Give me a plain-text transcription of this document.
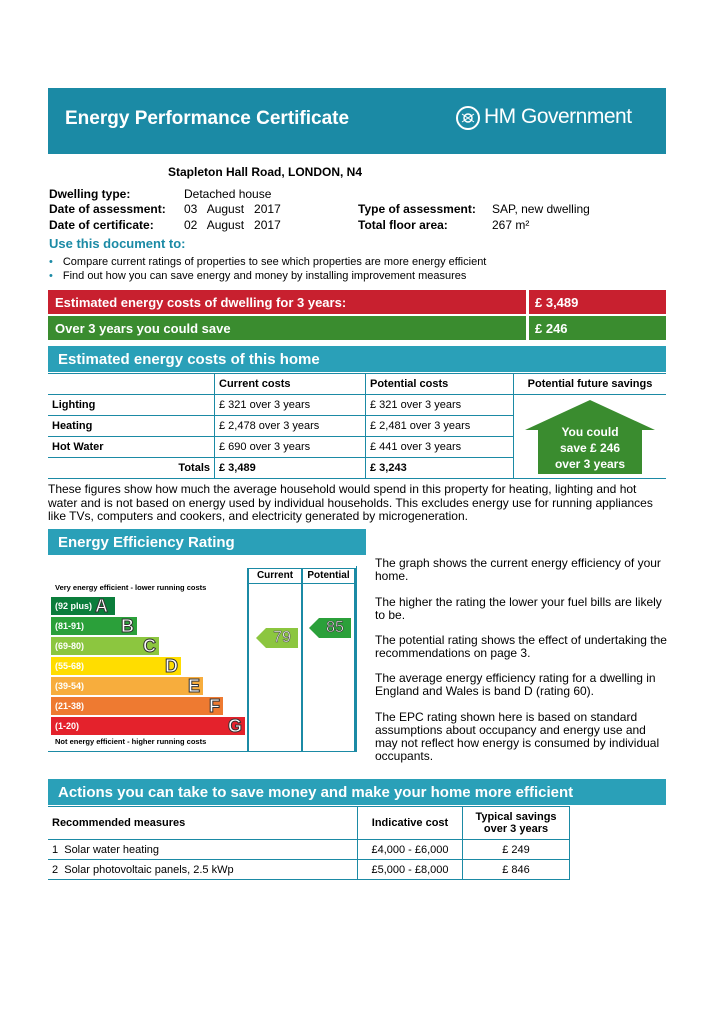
Energy Performance Certificate	HM Government
Stapleton Hall Road, LONDON, N4
Dwelling type:	Detached house
Date of assessment: 03   August   2017
Date of certificate:	02   August   2017
Type of assessment: SAP, new dwelling
Total floor area:	267 m²
Use this document to:
• Compare current ratings of properties to see which properties are more energy efficient
• Find out how you can save energy and money by installing improvement measures
Estimated energy costs of dwelling for 3 years:	£ 3,489
Over 3 years you could save	£ 246
Estimated energy costs of this home
	Current costs	Potential costs	Potential future savings
Lighting	£ 321 over 3 years	£ 321 over 3 years	
Heating	£ 2,478 over 3 years	£ 2,481 over 3 years	
Hot Water	£ 690 over 3 years	£ 441 over 3 years	
Totals	£ 3,489	£ 3,243	
You could
save £ 246
over 3 years
These figures show how much the average household would spend in this property for heating, lighting and hot water and is not based on energy used by individual households. This excludes energy use for running appliances like TVs, computers and cookers, and electricity generated by microgeneration.
Energy Efficiency Rating
Very energy efficient - lower running costs
Not energy efficient - higher running costs
Current	Potential
(92 plus) A
(81-91) B
(69-80)	C
(55-68)	D
(39-54)	E
(21-38)	F
(1-20)	G
79
85
The graph shows the current energy efficiency of your home.
The higher the rating the lower your fuel bills are likely to be.
The potential rating shows the effect of undertaking the recommendations on page 3.
The average energy efficiency rating for a dwelling in England and Wales is band D (rating 60).
The EPC rating shown here is based on standard assumptions about occupancy and energy use and may not reflect how energy is consumed by individual occupants.
Actions you can take to save money and make your home more efficient
Recommended measures	Indicative cost	Typical savings over 3 years
1  Solar water heating	£4,000 - £6,000	£ 249
2  Solar photovoltaic panels, 2.5 kWp	£5,000 - £8,000	£ 846
